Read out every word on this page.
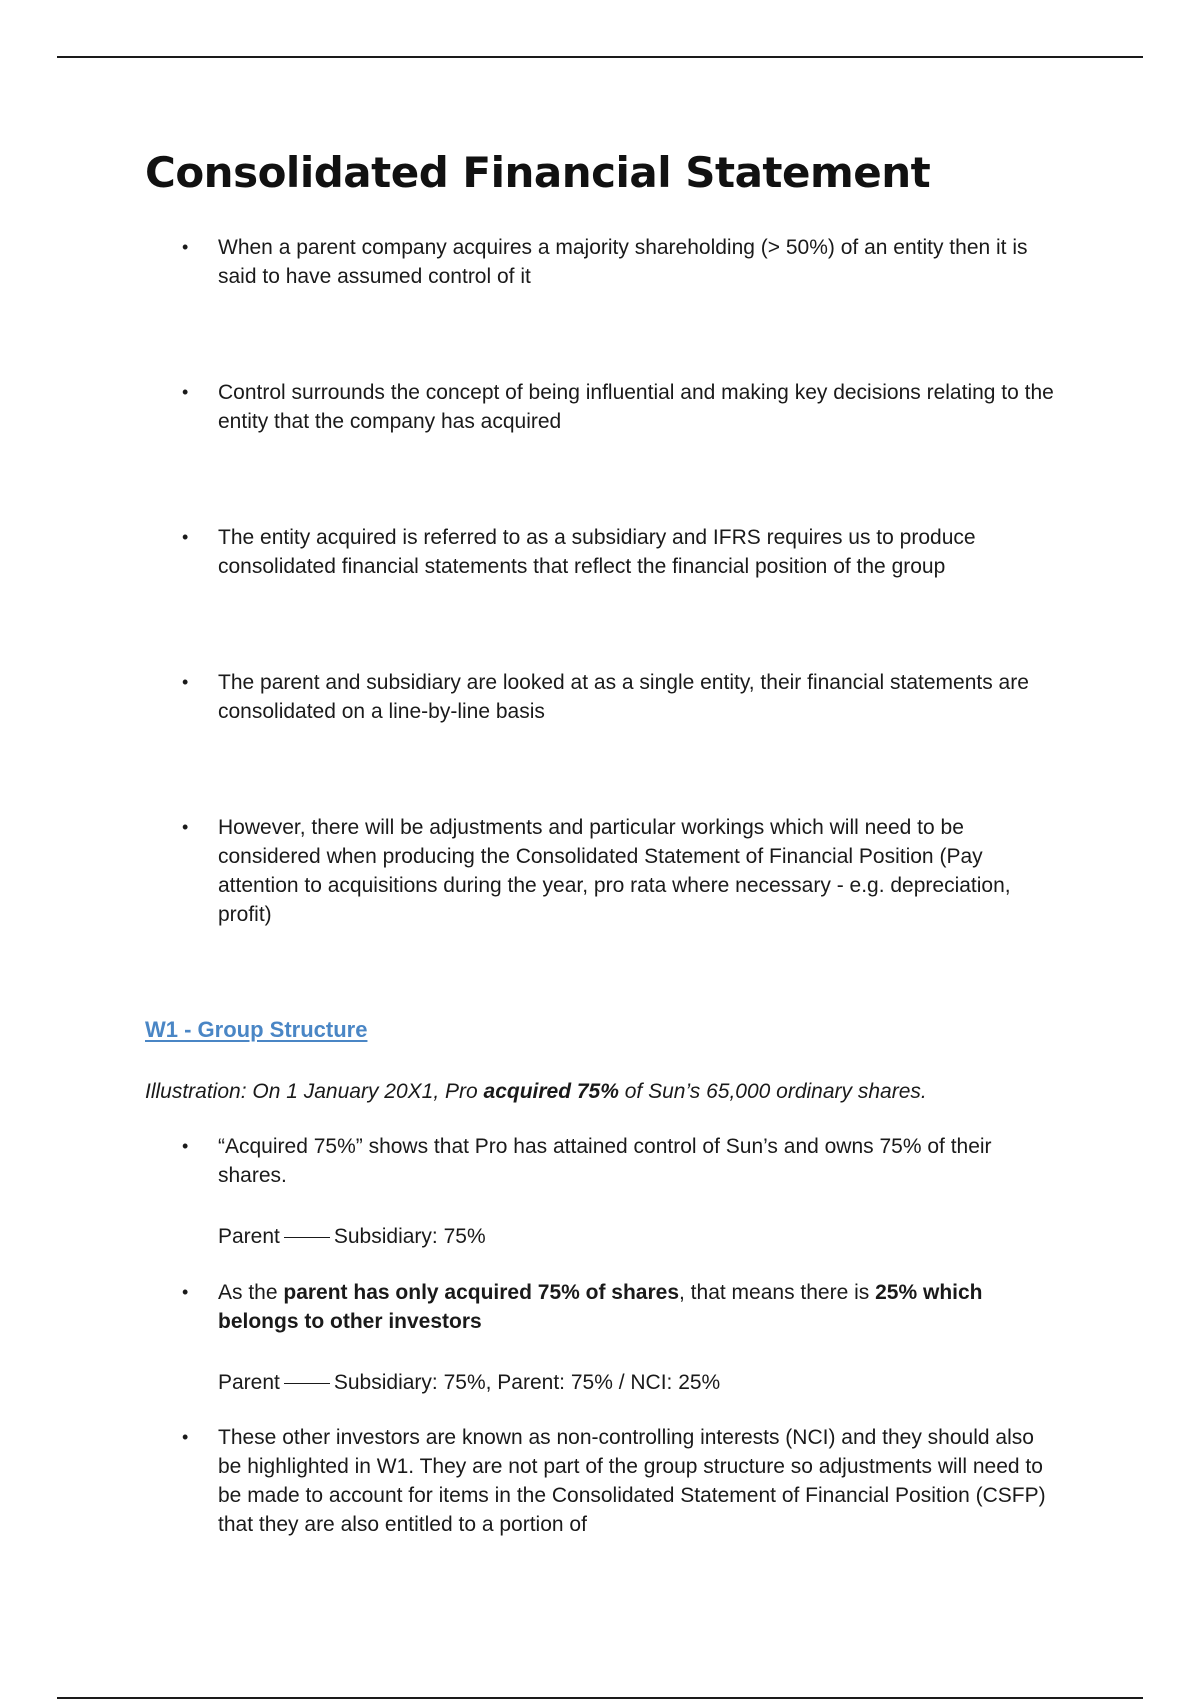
Consolidated Financial Statement
• When a parent company acquires a majority shareholding (> 50%) of an entity then it is said to have assumed control of it
• Control surrounds the concept of being influential and making key decisions relating to the entity that the company has acquired
• The entity acquired is referred to as a subsidiary and IFRS requires us to produce consolidated financial statements that reflect the financial position of the group
• The parent and subsidiary are looked at as a single entity, their financial statements are consolidated on a line-by-line basis
• However, there will be adjustments and particular workings which will need to be considered when producing the Consolidated Statement of Financial Position (Pay attention to acquisitions during the year, pro rata where necessary - e.g. depreciation, profit)
W1 - Group Structure
Illustration: On 1 January 20X1, Pro acquired 75% of Sun’s 65,000 ordinary shares.
• “Acquired 75%” shows that Pro has attained control of Sun’s and owns 75% of their shares.
Parent	Subsidiary: 75%
• As the parent has only acquired 75% of shares, that means there is 25% which belongs to other investors
Parent	Subsidiary: 75%, Parent: 75% / NCI: 25%
• These other investors are known as non-controlling interests (NCI) and they should also be highlighted in W1. They are not part of the group structure so adjustments will need to be made to account for items in the Consolidated Statement of Financial Position (CSFP) that they are also entitled to a portion of
